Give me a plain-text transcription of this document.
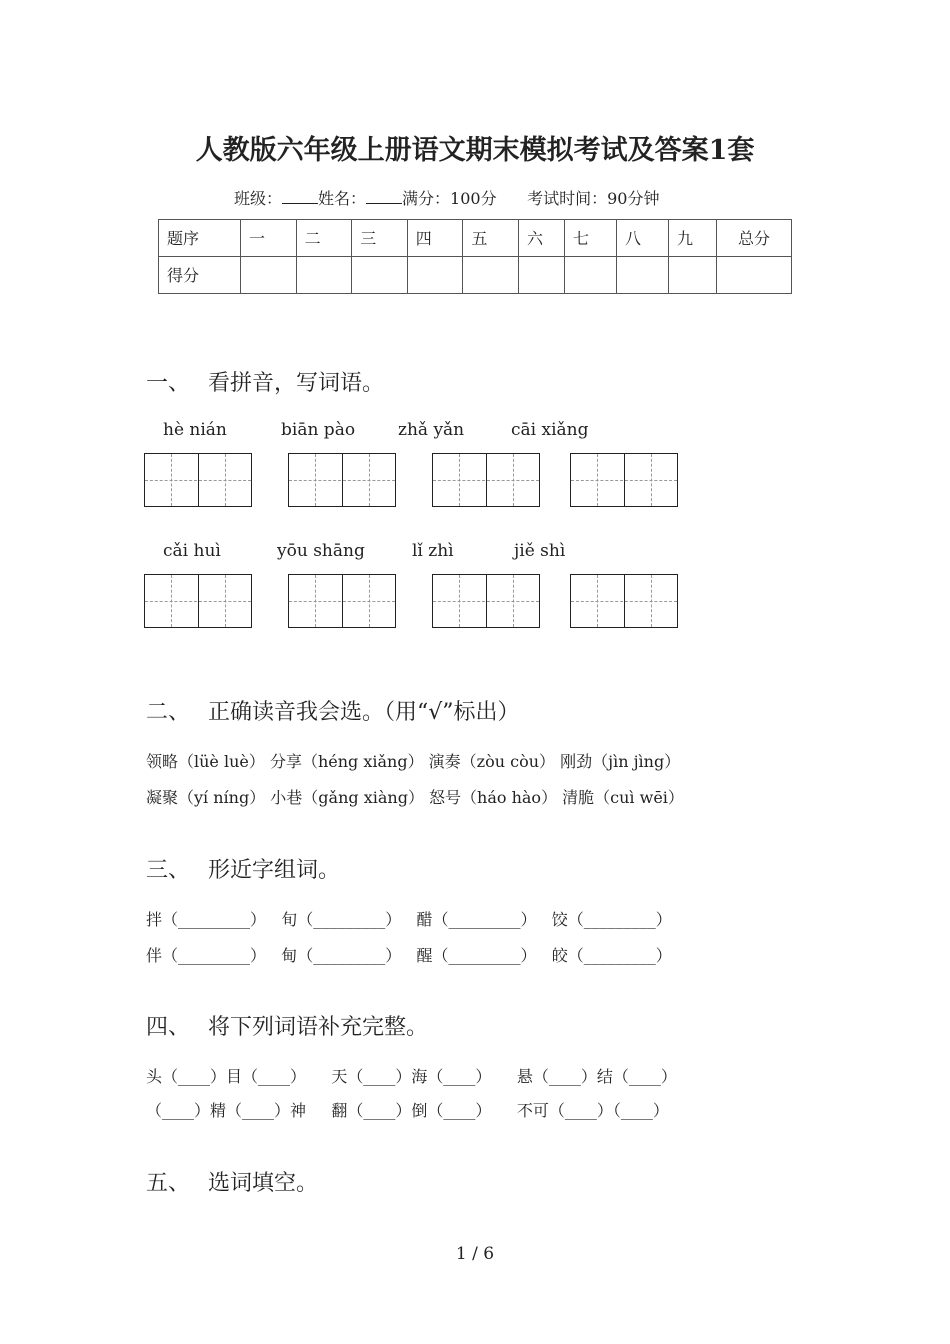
人教版六年级上册语文期末模拟考试及答案1套
班级： 姓名： 满分：100分 考试时间：90分钟
题序	一	二	三	四	五	六	七	八	九	总分
得分										
一、 看拼音，写词语。
hè nián	biān pào	zhǎ yǎn	cāi xiǎng
cǎi huì	yōu shāng	lǐ zhì	jiě shì
二、 正确读音我会选。（用“√”标出）
领略（lüè luè） 分享（héng xiǎng） 演奏（zòu còu） 刚劲（jìn jìng）
凝聚（yí níng） 小巷（gǎng xiàng） 怒号（háo hào） 清脆（cuì wēi）
三、 形近字组词。
拌（_________）   旬（_________）   醋（_________）   饺（_________）
伴（_________）   甸（_________）   醒（_________）   皎（_________）
四、 将下列词语补充完整。
头（____）目（____）     天（____）海（____）     悬（____）结（____）
（____）精（____）神     翻（____）倒（____）     不可（____）（____）
五、 选词填空。
1 / 6
